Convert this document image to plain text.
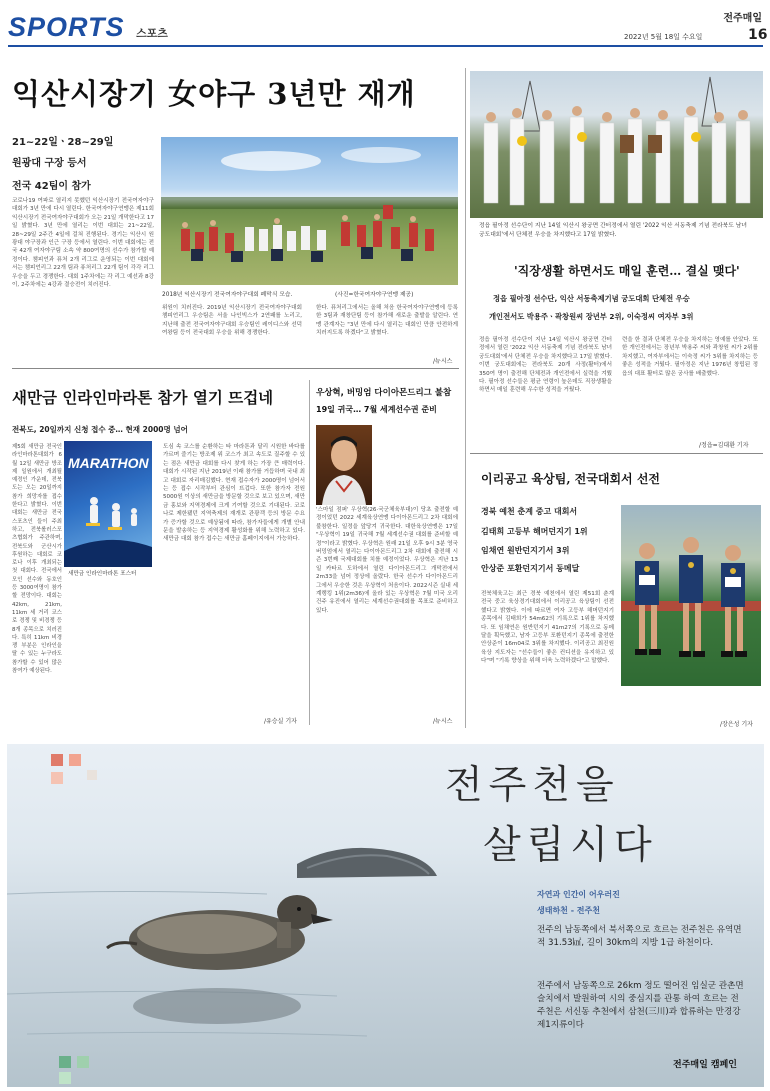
SPORTS 스포츠
전주매일
2022년 5월 18일 수요일	16
익산시장기 女야구 3년만 재개
21~22일ㆍ28~29일
원광대 구장 등서
전국 42팀이 참가
코로나19 여파로 열리지 못했던 익산시장기 전국여자야구대회가 3년 만에 다시 열린다. 한국여자야구연맹은 제11회 익산시장기 전국여자야구대회가 오는 21일 개막한다고 17일 밝혔다. 3년 만에 열리는 이번 대회는 21~22일, 28~29일 2주간 4일에 걸쳐 진행된다. 경기는 익산시 원광대 야구장과 인근 구장 등에서 열린다. 이번 대회에는 전국 42개 여자야구팀 소속 약 800여명의 선수가 참가할 예정이다. 챔피언과 퓨처 2개 리그로 운영되는 이번 대회에서는 챔피언리그 22개 팀과 퓨처리그 22개 팀이 각각 리그 우승을 두고 경쟁한다. 대회 1주차에는 각 리그 예선과 8강이, 2주차에는 4강과 결승전이 치러진다.
2018년 익산시장기 전국여자야구대회 폐막식 모습.	(사진=한국여자야구연맹 제공)
위원이 치러진다. 2019년 익산시장기 전국여자야구대회 챔피언리그 우승팀은 서울 나인빅스가 2연패를 노리고, 지난해 출전 전국여자야구대회 우승팀인 레이디스와 선덕여왕팀 등이 전국대회 우승을 위해 경쟁한다.
한다. 퓨처리그에서는 올해 처음 한국여자야구연맹에 등록한 3팀과 재창단팀 등이 참가해 새로운 출발을 알린다. 연맹 관계자는 "3년 만에 다시 열리는 대회인 만큼 안전하게 치러지도록 하겠다"고 밝혔다.
/뉴시스
새만금 인라인마라톤 참가 열기 뜨겁네
전북도, 20일까지 신청 접수 중… 현재 2000명 넘어
제5회 새만금 전국인라인마라톤대회가 6월 12일 새만금 방조제 일원에서 개최될 예정인 가운데, 전북도는 오는 20일까지 참가 희망자를 접수한다고 밝혔다. 이번 대회는 새만금 전국 스포츠인 들이 주최하고, 전북롤러스포츠협회가 주관하며, 전북도와 군산시가 후원하는 대회로 코로나 이후 개최되는 첫 대회다. 전국에서 모인 선수와 동호인 등 3000여명이 참가할 전망이다. 대회는 42km, 21km, 11km 세 거리 코스로 경쟁 및 비경쟁 등 8개 종목으로 치러진다. 특히 11km 비경쟁 부분은 인라인을 탈 수 있는 누구라도 참가할 수 있어 많은 참여가 예상된다.
MARATHON
새만금 인라인마라톤 포스터
도심 속 코스를 순환하는 타 마라톤과 달리 시원한 바다를 가르며 즐기는 방조제 위 코스가 최고 속도로 질주할 수 있는 점은 새만금 대회를 다시 찾게 하는 가장 큰 매력이다. 대회가 시작된 지난 2019년 이래 참가를 거듭하며 국내 최고 대회로 자리매김했다. 현재 접수자가 2000명이 넘어서는 등 접수 시작부터 관심이 뜨겁다. 또한 참가자 전원 5000원 이상의 새만금을 방문할 것으로 보고 있으며, 새만금 홍보와 지역경제에 크게 기여할 것으로 기대된다. 코로나로 제한됐던 지역축제의 재개로 관광객 등의 방문 수요가 증가할 것으로 예상됨에 따라, 참가자들에게 개별 안내문을 발송하는 등 지역경제 활성화를 위해 노력하고 있다. 새만금 대회 참가 접수는 새만금 홈페이지에서 가능하다.
/유승실 기자
우상혁, 버밍엄 다이아몬드리그 불참
19일 귀국… 7월 세계선수권 준비
'스마일 점퍼' 우상혁(26·국군체육부대)이 당초 출전할 예정이었던 2022 세계육상연맹 다이아몬드리그 2차 대회에 불참한다. 일정을 앞당겨 귀국한다. 대한육상연맹은 17일 "우상혁이 19일 귀국해 7월 세계선수권 대회를 준비할 예정"이라고 밝혔다. 우상혁은 원래 21일 오후 9시 3분 영국 버밍엄에서 열리는 다이아몬드리그 2차 대회에 출전해 시즌 3번째 국제대회를 치를 예정이었다. 우상혁은 지난 13일 카타르 도하에서 열린 다이아몬드리그 개막전에서 2m33을 넘어 정상에 올랐다. 한국 선수가 다이아몬드리그에서 우승한 것은 우상혁이 처음이다. 2022시즌 실내 세계랭킹 1위(2m36)에 올라 있는 우상혁은 7월 미국 오리건주 유진에서 열리는 세계선수권대회를 목표로 준비하고 있다.
/뉴시스
정읍 필아정 선수단이 지난 14일 익산시 왕궁면 간터정에서 열린 '2022 익산 서동축제 기념 전라북도 남녀 궁도대회'에서 단체전 우승을 차지했다고 17일 밝혔다.
'직장생활 하면서도 매일 훈련… 결실 맺다'
정읍 필아정 선수단, 익산 서동축제기념 궁도대회 단체전 우승
개인전서도 박용주ㆍ곽창원씨 장년부 2위, 이숙정씨 여자부 3위
정읍 필아정 선수단이 지난 14일 익산시 왕궁면 간터정에서 열린 '2022 익산 서동축제 기념 전라북도 남녀 궁도대회'에서 단체전 우승을 차지했다고 17일 밝혔다. 이번 궁도대회에는 전라북도 20개 사정(활터)에서 350여 명이 출전해 단체전과 개인전에서 실력을 겨뤘다. 필아정 선수들은 평균 연령이 높은데도 직장생활을 하면서 매일 훈련해 우수한 성적을 거뒀다.
련을 한 결과 단체전 우승을 차지하는 영예를 안았다. 또한 개인전에서는 장년부 박용주 씨와 곽창원 씨가 2위를 차지했고, 여자부에서는 이숙정 씨가 3위를 차지하는 등 좋은 성적을 거뒀다. 필아정은 지난 1976년 창립된 정읍의 대표 활터로 많은 궁사를 배출했다.
/정읍=김대환 기자
이리공고 육상팀, 전국대회서 선전
경북 예천 춘계 중고 대회서
김태희 고등부 해머던지기 1위
임채연 원반던지기서 3위
안상준 포환던지기서 동메달
전북체육고는 최근 경북 예천에서 열린 제51회 춘계 전국 중고 육상경기대회에서 이리공고 육상팀이 선전했다고 밝혔다. 이에 따르면 여자 고등부 해머던지기 종목에서 김태희가 54m62의 기록으로 1위를 차지했다. 또 임채연은 원반던지기 41m27의 기록으로 동메달을 획득했고, 남자 고등부 포환던지기 종목에 출전한 안상준이 16m04로 3위를 차지했다. 이리공고 최진원 육상 지도자는 "선수들이 좋은 컨디션을 유지하고 있다"며 "기록 향상을 위해 더욱 노력하겠다"고 말했다.
/장은성 기자
전주천을
살립시다
자연과 인간이 어우러진
생태하천 - 전주천
전주의 남동쪽에서 북서쪽으로 흐르는 전주천은 유역면적 31.53㎢, 길이 30km의 지방 1급 하천이다.
전주에서 남동쪽으로 26km 정도 떨어진 임실군 관촌면 슬치에서 발원하여 시의 중심지를 관통 하여 흐르는 전주천은 서신동 추천에서 삼천(三川)과 합류하는 만경강 제1지류이다
전주매일 캠페인
